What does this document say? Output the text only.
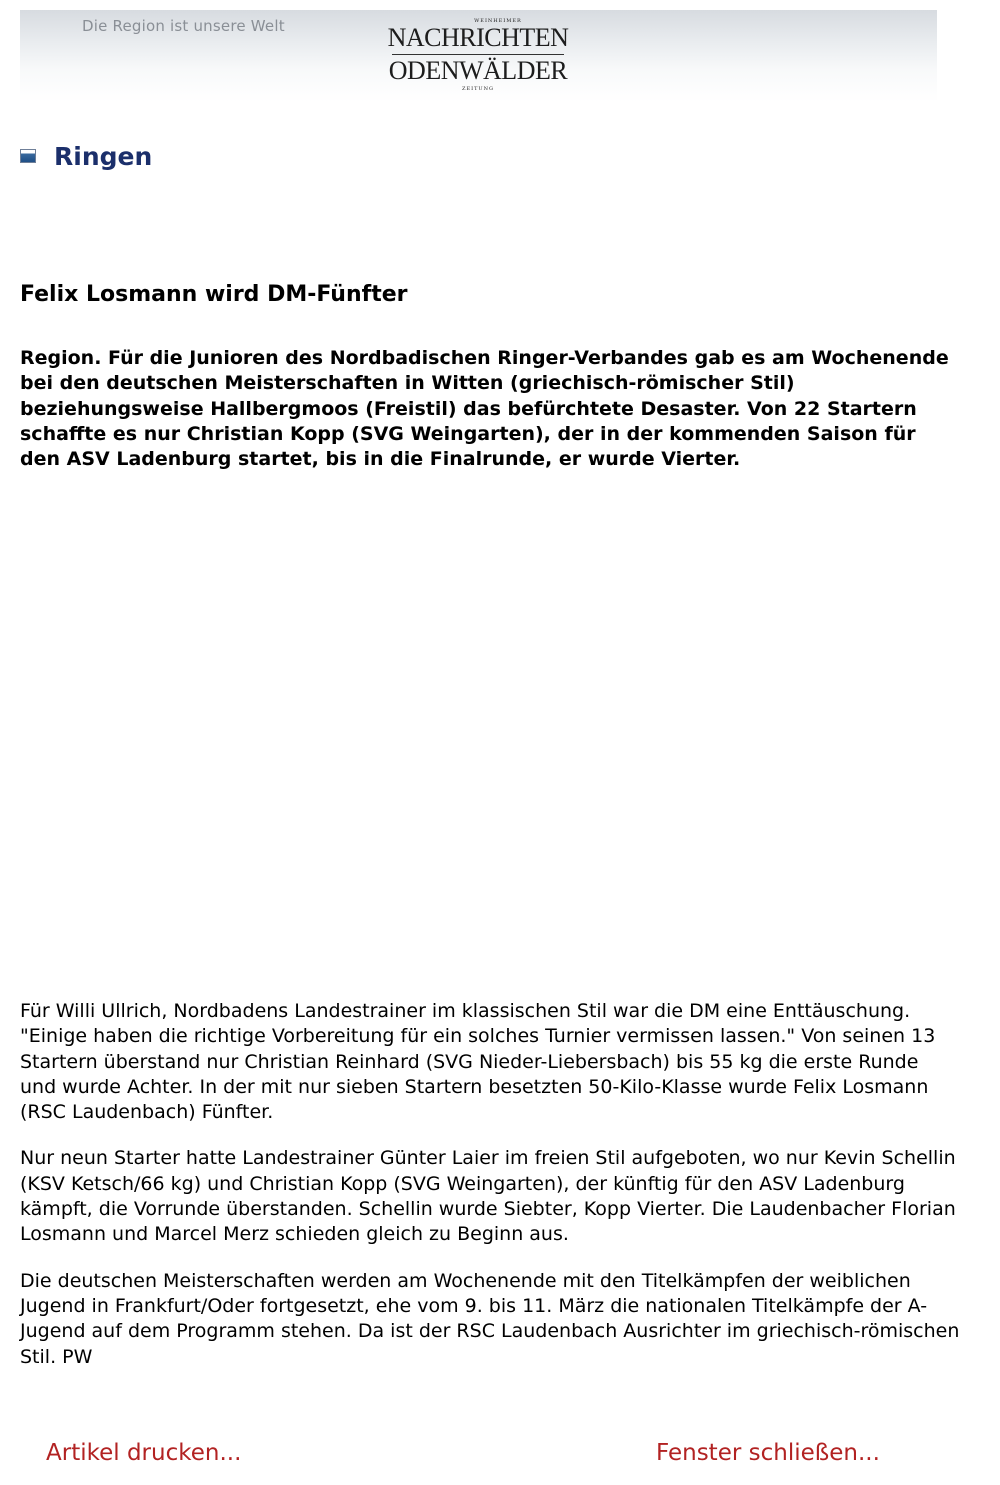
Die Region ist unsere Welt	WEINHEIMER
NACHRICHTEN
ODENWÄLDER
ZEITUNG
Ringen
Felix Losmann wird DM-Fünfter

Region. Für die Junioren des Nordbadischen Ringer-Verbandes gab es am Wochenende bei den deutschen Meisterschaften in Witten (griechisch-römischer Stil) beziehungsweise Hallbergmoos (Freistil) das befürchtete Desaster. Von 22 Startern schaffte es nur Christian Kopp (SVG Weingarten), der in der kommenden Saison für den ASV Ladenburg startet, bis in die Finalrunde, er wurde Vierter.

Für Willi Ullrich, Nordbadens Landestrainer im klassischen Stil war die DM eine Enttäuschung. "Einige haben die richtige Vorbereitung für ein solches Turnier vermissen lassen." Von seinen 13 Startern überstand nur Christian Reinhard (SVG Nieder-Liebersbach) bis 55 kg die erste Runde und wurde Achter. In der mit nur sieben Startern besetzten 50-Kilo-Klasse wurde Felix Losmann (RSC Laudenbach) Fünfter.

Nur neun Starter hatte Landestrainer Günter Laier im freien Stil aufgeboten, wo nur Kevin Schellin (KSV Ketsch/66 kg) und Christian Kopp (SVG Weingarten), der künftig für den ASV Ladenburg kämpft, die Vorrunde überstanden. Schellin wurde Siebter, Kopp Vierter. Die Laudenbacher Florian Losmann und Marcel Merz schieden gleich zu Beginn aus.

Die deutschen Meisterschaften werden am Wochenende mit den Titelkämpfen der weiblichen Jugend in Frankfurt/Oder fortgesetzt, ehe vom 9. bis 11. März die nationalen Titelkämpfe der A-Jugend auf dem Programm stehen. Da ist der RSC Laudenbach Ausrichter im griechisch-römischen Stil. PW

Artikel drucken...	Fenster schließen...
